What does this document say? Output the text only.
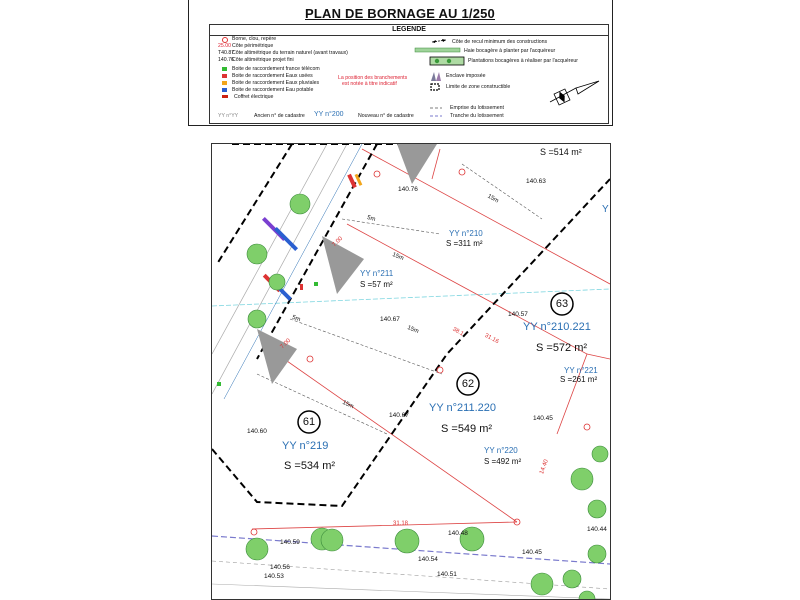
PLAN DE BORNAGE AU 1/250
LEGENDE
Borne, clou, repère
25.00 Côte périmétrique
T40.87
Côte altimétrique du terrain naturel (avant travaux)
140.76
Côte altimétrique projet fini
Boite de raccordement france télécom
Boite de raccordement Eaux usées
Boite de raccordement Eaux pluviales
Boite de raccordement Eau potable
Coffret électrique
La position des branchements
est notée à titre indicatif
YY n°YY	Ancien n° de cadastre YY n°200	Nouveau n° de cadastre
Côte de recul minimum des constructions
Haie bocagère à planter par l'acquéreur
Plantations bocagères à réaliser par l'acquéreur
Enclave imposée
Limite de zone constructible
Emprise du lotissement
Tranche du lotissement
61
62
63
YY n°219
S =534 m²
YY n°211.220
S =549 m²
YY n°210.221
S =572 m²
YY n°210
S =311 m²
YY n°211
S =57 m²
YY n°221
S =261 m²
YY n°220
S =492 m²
S =514 m²
Y
140.63
140.76
140.57
140.67
140.60
140.67	140.45
140.59
140.48
140.44
140.56
140.54
140.45
140.53	140.51
31.16
15m	38.1
7.00
5m
31.18
14.40
15m
15m
7.00
15m
5m
